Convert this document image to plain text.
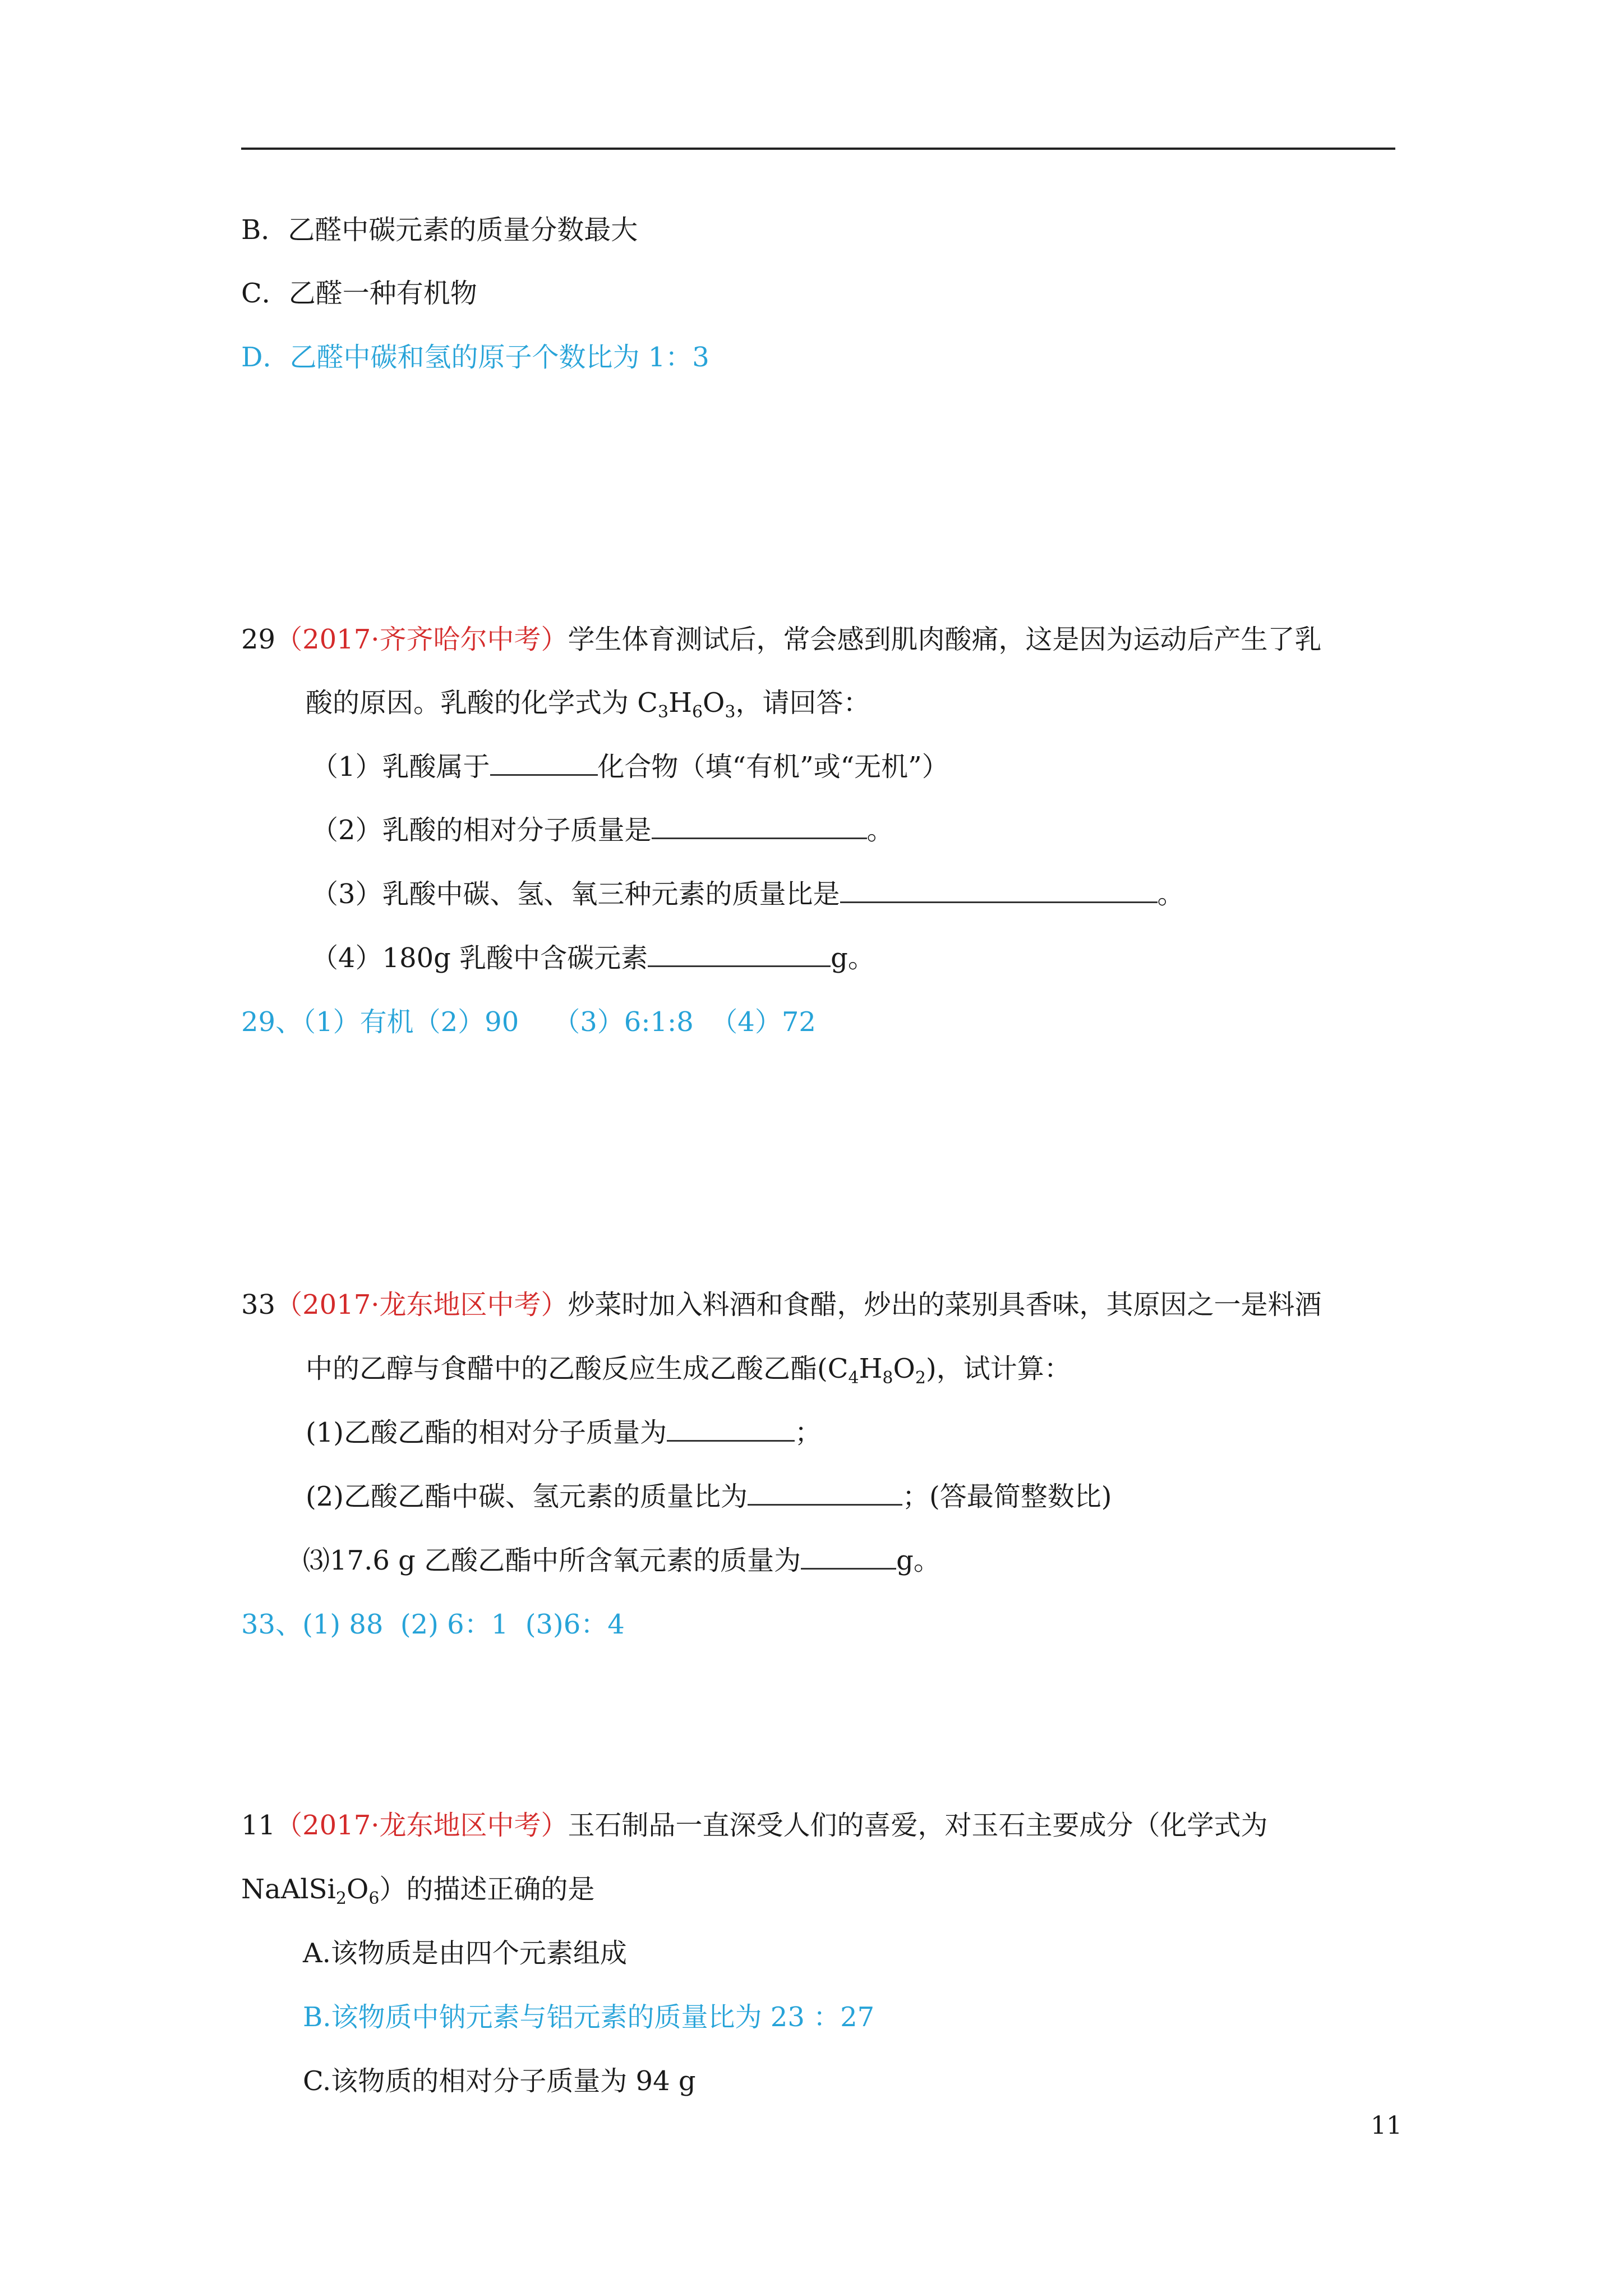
B．乙醛中碳元素的质量分数最大
C．乙醛一种有机物
D．乙醛中碳和氢的原子个数比为 1：3
29（2017·齐齐哈尔中考）学生体育测试后，常会感到肌肉酸痛，这是因为运动后产生了乳
酸的原因。乳酸的化学式为 $C_3H_6O_3$，请回答：
（1）乳酸属于	化合物（填“有机”或“无机”）
（2）乳酸的相对分子质量是	。
（3）乳酸中碳、氢、氧三种元素的质量比是	。
（4）180g 乳酸中含碳元素	g。
29、（1）有机（2）90    （3）6:1:8  （4）72
33（2017·龙东地区中考）炒菜时加入料酒和食醋，炒出的菜别具香味，其原因之一是料酒
中的乙醇与食醋中的乙酸反应生成乙酸乙酯$(C_4H_8O_2)$，试计算：
(1)乙酸乙酯的相对分子质量为	；
(2)乙酸乙酯中碳、氢元素的质量比为	；(答最简整数比)
⑶17.6 g 乙酸乙酯中所含氧元素的质量为	g。
33、(1) 88  (2) 6：1  (3)6：4
11（2017·龙东地区中考）玉石制品一直深受人们的喜爱，对玉石主要成分（化学式为
$NaAlSi_2O_6$）的描述正确的是
A.该物质是由四个元素组成
B.该物质中钠元素与铝元素的质量比为 23 ：27
C.该物质的相对分子质量为 94 g
11
